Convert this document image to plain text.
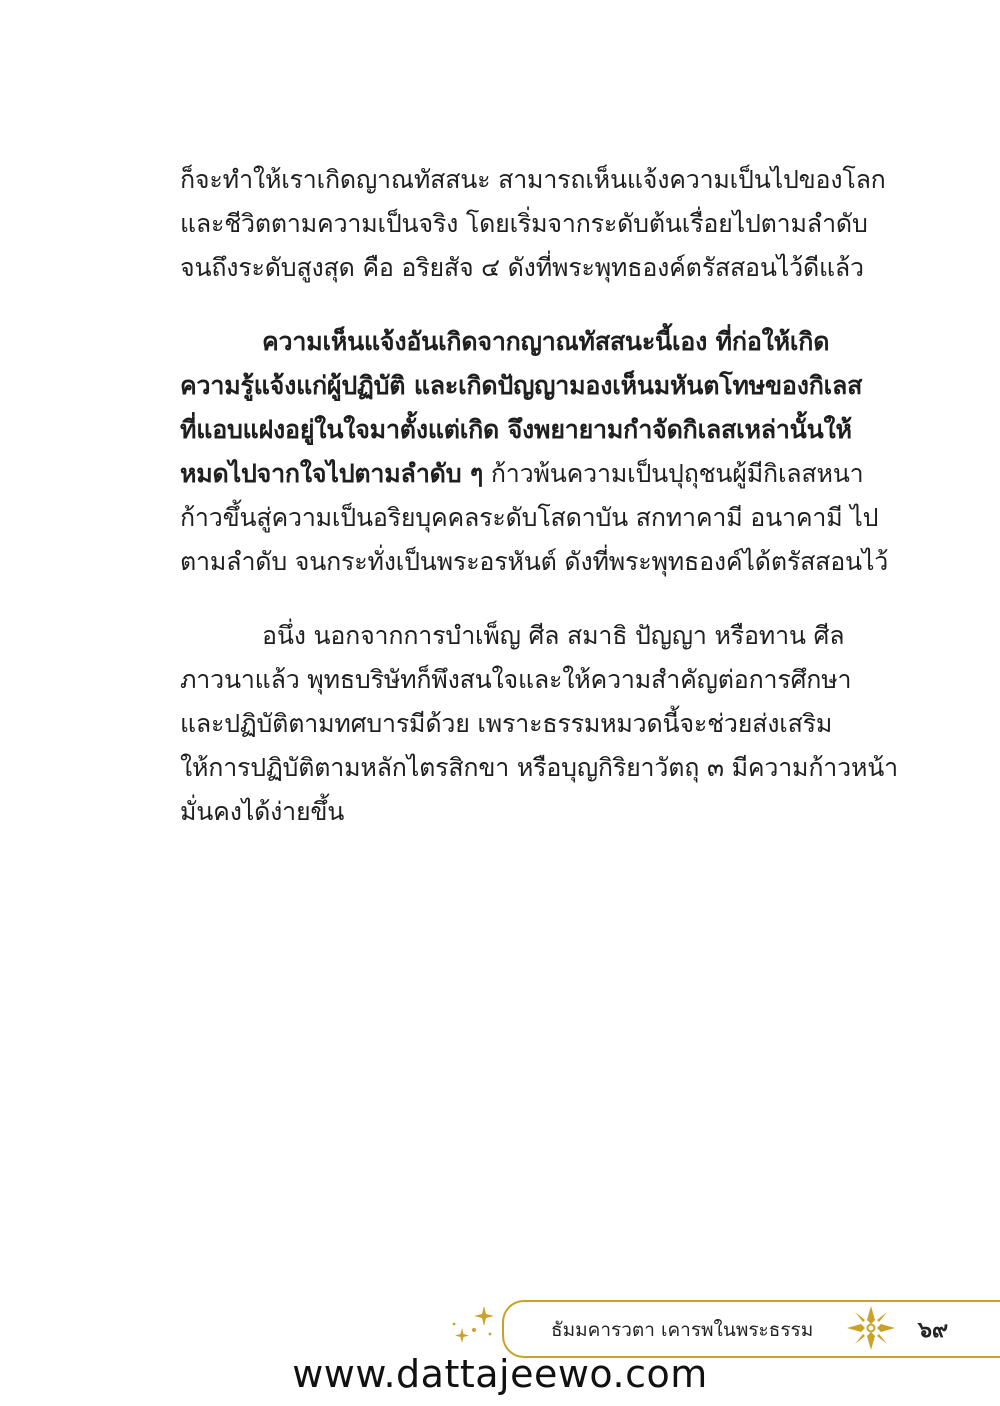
ก็จะทำให้เราเกิดญาณทัสสนะ สามารถเห็นแจ้งความเป็นไปของโลก
และชีวิตตามความเป็นจริง โดยเริ่มจากระดับต้นเรื่อยไปตามลำดับ
จนถึงระดับสูงสุด คือ อริยสัจ ๔ ดังที่พระพุทธองค์ตรัสสอนไว้ดีแล้ว
ความเห็นแจ้งอันเกิดจากญาณทัสสนะนี้เอง ที่ก่อให้เกิด
ความรู้แจ้งแก่ผู้ปฏิบัติ และเกิดปัญญามองเห็นมหันตโทษของกิเลส
ที่แอบแฝงอยู่ในใจมาตั้งแต่เกิด จึงพยายามกำจัดกิเลสเหล่านั้นให้
หมดไปจากใจไปตามลำดับ ๆ ก้าวพ้นความเป็นปุถุชนผู้มีกิเลสหนา
ก้าวขึ้นสู่ความเป็นอริยบุคคลระดับโสดาบัน สกทาคามี อนาคามี ไป
ตามลำดับ จนกระทั่งเป็นพระอรหันต์ ดังที่พระพุทธองค์ได้ตรัสสอนไว้
อนึ่ง นอกจากการบำเพ็ญ ศีล สมาธิ ปัญญา หรือทาน ศีล
ภาวนาแล้ว พุทธบริษัทก็พึงสนใจและให้ความสำคัญต่อการศึกษา
และปฏิบัติตามทศบารมีด้วย เพราะธรรมหมวดนี้จะช่วยส่งเสริม
ให้การปฏิบัติตามหลักไตรสิกขา หรือบุญกิริยาวัตถุ ๓ มีความก้าวหน้า
มั่นคงได้ง่ายขึ้น
ธัมมคารวตา เคารพในพระธรรม	๖๙
www.dattajeewo.com
